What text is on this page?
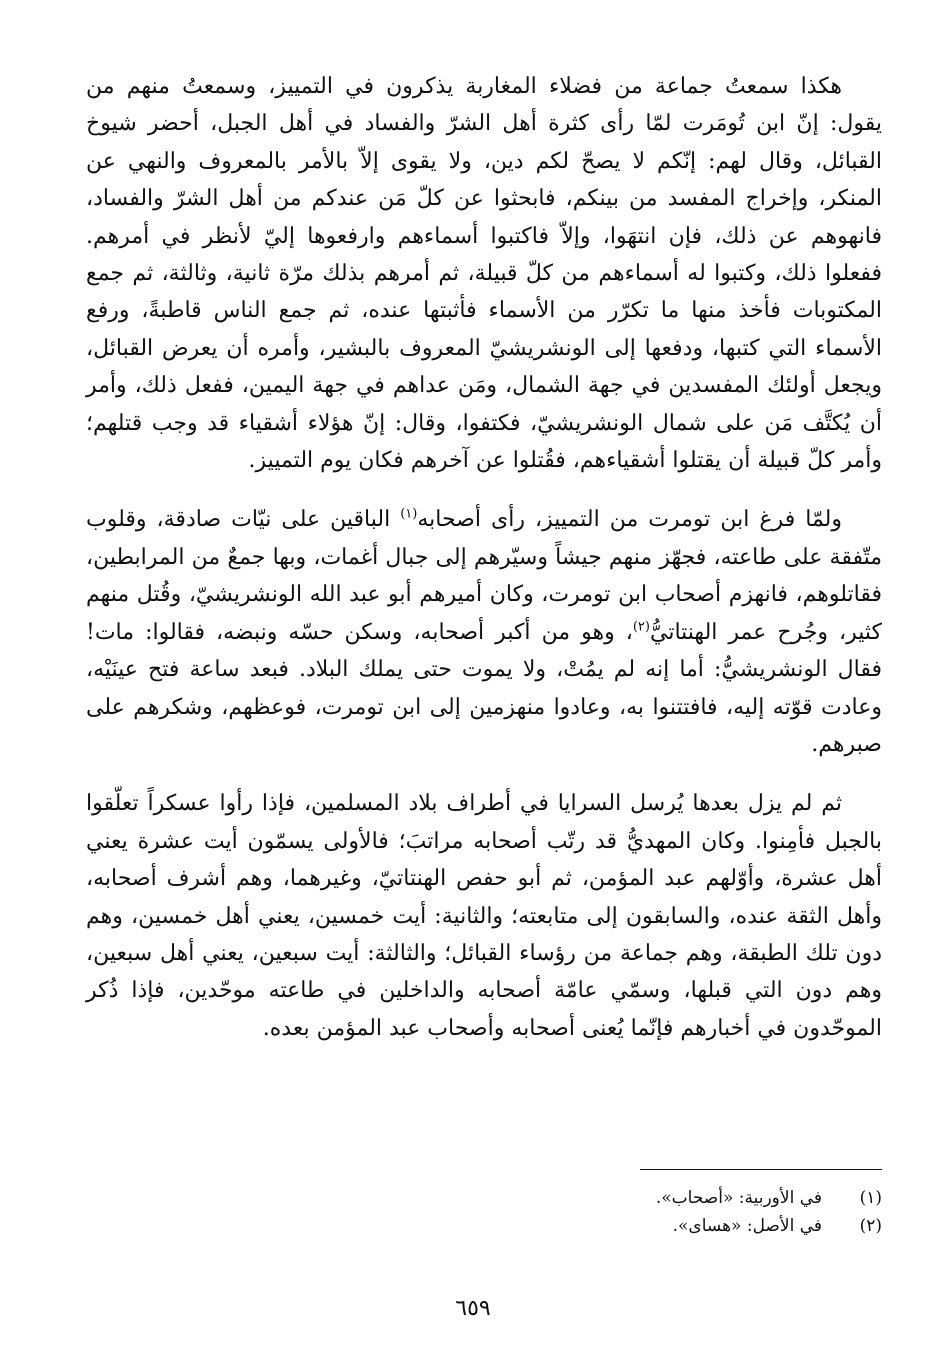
هكذا سمعتُ جماعة من فضلاء المغاربة يذكرون في التمييز، وسمعتُ منهم من يقول: إنّ ابن تُومَرت لمّا رأى كثرة أهل الشرّ والفساد في أهل الجبل، أحضر شيوخ القبائل، وقال لهم: إنّكم لا يصحّ لكم دين، ولا يقوى إلاّ بالأمر بالمعروف والنهي عن المنكر، وإخراج المفسد من بينكم، فابحثوا عن كلّ مَن عندكم من أهل الشرّ والفساد، فانهوهم عن ذلك، فإن انتهَوا، وإلاّ فاكتبوا أسماءهم وارفعوها إليّ لأنظر في أمرهم. ففعلوا ذلك، وكتبوا له أسماءهم من كلّ قبيلة، ثم أمرهم بذلك مرّة ثانية، وثالثة، ثم جمع المكتوبات فأخذ منها ما تكرّر من الأسماء فأثبتها عنده، ثم جمع الناس قاطبةً، ورفع الأسماء التي كتبها، ودفعها إلى الونشريشيّ المعروف بالبشير، وأمره أن يعرض القبائل، ويجعل أولئك المفسدين في جهة الشمال، ومَن عداهم في جهة اليمين، ففعل ذلك، وأمر أن يُكتَّف مَن على شمال الونشريشيّ، فكتفوا، وقال: إنّ هؤلاء أشقياء قد وجب قتلهم؛ وأمر كلّ قبيلة أن يقتلوا أشقياءهم، فقُتلوا عن آخرهم فكان يوم التمييز.

ولمّا فرغ ابن تومرت من التمييز، رأى أصحابه$^{(١)}$ الباقين على نيّات صادقة، وقلوب متّفقة على طاعته، فجهّز منهم جيشاً وسيّرهم إلى جبال أغمات، وبها جمعٌ من المرابطين، فقاتلوهم، فانهزم أصحاب ابن تومرت، وكان أميرهم أبو عبد الله الونشريشيّ، وقُتل منهم كثير، وجُرح عمر الهنتاتيُّ$^{(٢)}$، وهو من أكبر أصحابه، وسكن حسّه ونبضه، فقالوا: مات! فقال الونشريشيُّ: أما إنه لم يمُتْ، ولا يموت حتى يملك البلاد. فبعد ساعة فتح عينَيْه، وعادت قوّته إليه، فافتتنوا به، وعادوا منهزمين إلى ابن تومرت، فوعظهم، وشكرهم على صبرهم.

ثم لم يزل بعدها يُرسل السرايا في أطراف بلاد المسلمين، فإذا رأوا عسكراً تعلّقوا بالجبل فأمِنوا. وكان المهديُّ قد رتّب أصحابه مراتبَ؛ فالأولى يسمّون أيت عشرة يعني أهل عشرة، وأوّلهم عبد المؤمن، ثم أبو حفص الهنتاتيّ، وغيرهما، وهم أشرف أصحابه، وأهل الثقة عنده، والسابقون إلى متابعته؛ والثانية: أيت خمسين، يعني أهل خمسين، وهم دون تلك الطبقة، وهم جماعة من رؤساء القبائل؛ والثالثة: أيت سبعين، يعني أهل سبعين، وهم دون التي قبلها، وسمّي عامّة أصحابه والداخلين في طاعته موحّدين، فإذا ذُكر الموحّدون في أخبارهم فإنّما يُعنى أصحابه وأصحاب عبد المؤمن بعده.

(١)
في الأوربية: «أصحاب».
(٢)
في الأصل: «هساى».
٦٥٩
